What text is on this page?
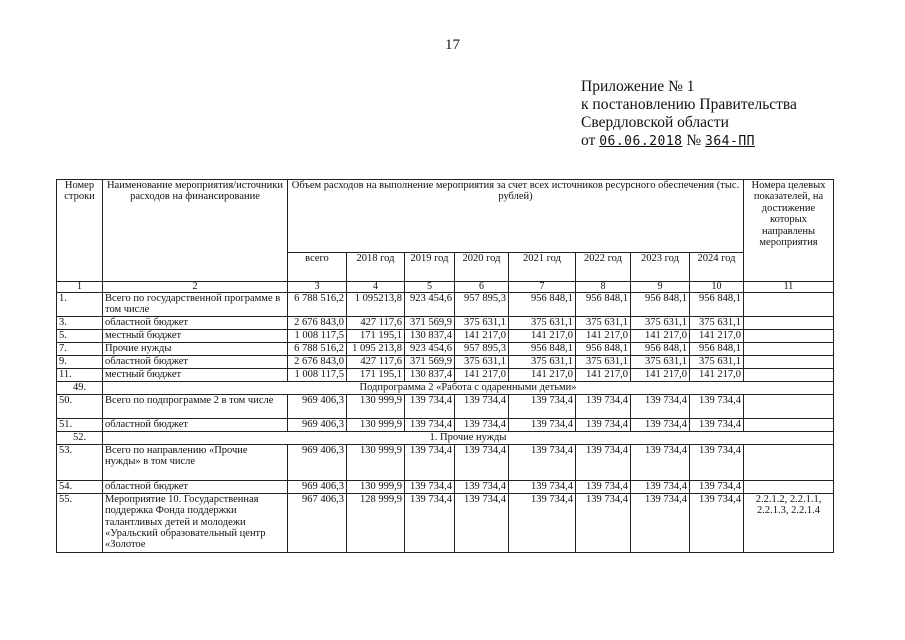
17
Приложение № 1
к постановлению Правительства
Свердловской области
от 06.06.2018 № 364-ПП
Номер строки	Наименование мероприятия/источники расходов на финансирование	Объем расходов на выполнение мероприятия за счет всех источников ресурсного обеспечения (тыс. рублей)								Номера целевых показателей, на достижение которых направлены мероприятия
		всего	2018 год	2019 год	2020 год	2021 год	2022 год	2023 год	2024 год	
1	2	3	4	5	6	7	8	9	10	11
1.	Всего по государственной программе в том числе	6 788 516,2	1 095213,8	923 454,6	957 895,3	956 848,1	956 848,1	956 848,1	956 848,1	
3.	областной бюджет	2 676 843,0	427 117,6	371 569,9	375 631,1	375 631,1	375 631,1	375 631,1	375 631,1	
5.	местный бюджет	1 008 117,5	171 195,1	130 837,4	141 217,0	141 217,0	141 217,0	141 217,0	141 217,0	
7.	Прочие нужды	6 788 516,2	1 095 213,8	923 454,6	957 895,3	956 848,1	956 848,1	956 848,1	956 848,1	
9.	областной бюджет	2 676 843,0	427 117,6	371 569,9	375 631,1	375 631,1	375 631,1	375 631,1	375 631,1	
11.	местный бюджет	1 008 117,5	171 195,1	130 837,4	141 217,0	141 217,0	141 217,0	141 217,0	141 217,0	
49.	Подпрограмма 2 «Работа с одаренными детьми»									
50.	Всего по подпрограмме 2 в том числе	969 406,3	130 999,9	139 734,4	139 734,4	139 734,4	139 734,4	139 734,4	139 734,4	
51.	областной бюджет	969 406,3	130 999,9	139 734,4	139 734,4	139 734,4	139 734,4	139 734,4	139 734,4	
52.	1. Прочие нужды									
53.	Всего по направлению «Прочие нужды» в том числе	969 406,3	130 999,9	139 734,4	139 734,4	139 734,4	139 734,4	139 734,4	139 734,4	
54.	областной бюджет	969 406,3	130 999,9	139 734,4	139 734,4	139 734,4	139 734,4	139 734,4	139 734,4	
55.	Мероприятие 10. Государственная поддержка Фонда поддержки талантливых детей и молодежи «Уральский образовательный центр «Золотое	967 406,3	128 999,9	139 734,4	139 734,4	139 734,4	139 734,4	139 734,4	139 734,4	2.2.1.2, 2.2.1.1, 2.2.1.3, 2.2.1.4
